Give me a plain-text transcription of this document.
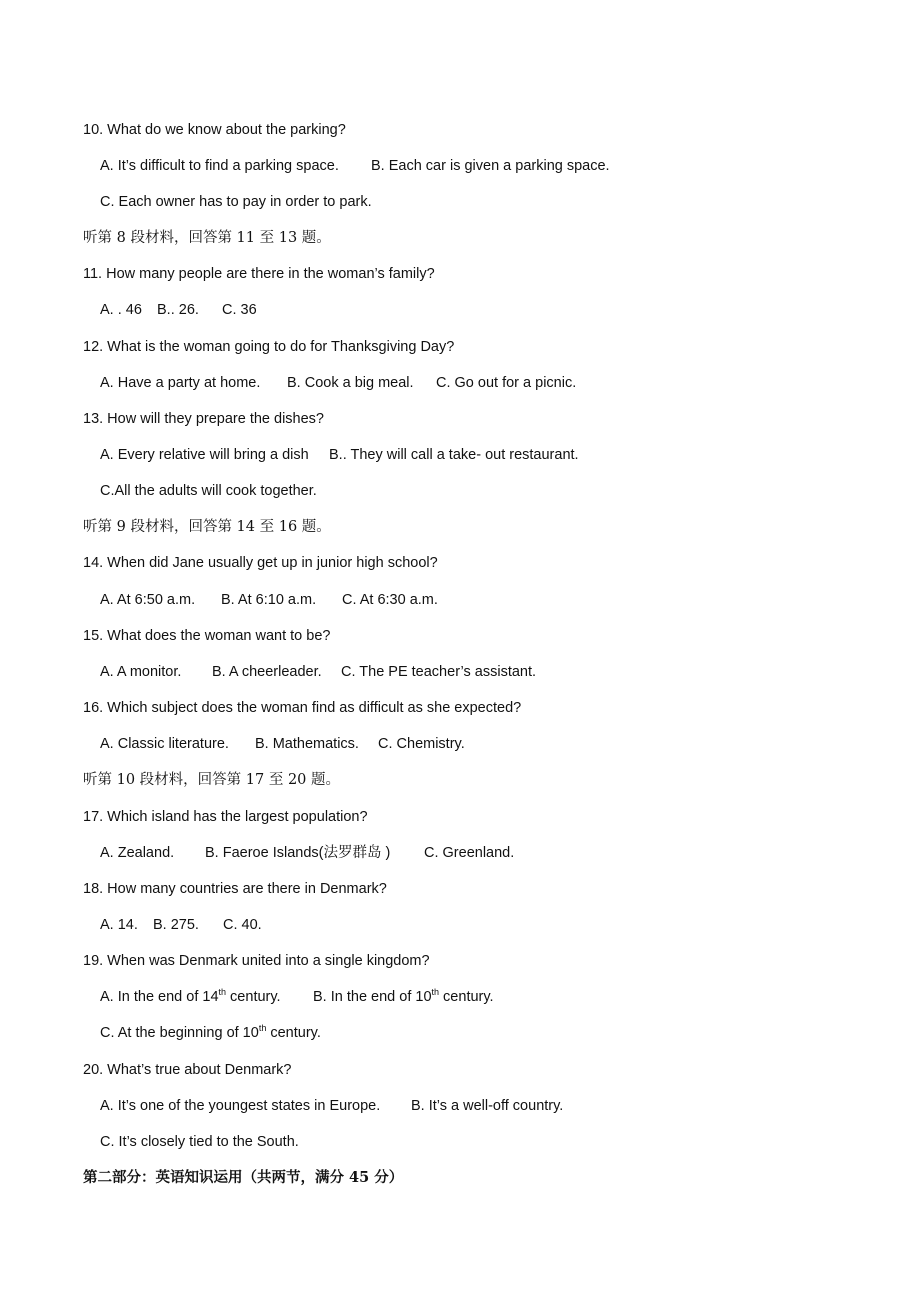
10. What do we know about the parking?
A. It’s difficult to find a parking space. B. Each car is given a parking space.
C. Each owner has to pay in order to park.
听第 8 段材料，回答第 11 至 13 题。
11. How many people are there in the woman’s family?
A. . 46 B.. 26. C. 36
12. What is the woman going to do for Thanksgiving Day?
A. Have a party at home. B. Cook a big meal. C. Go out for a picnic.
13. How will they prepare the dishes?
A. Every relative will bring a dish B.. They will call a take- out restaurant.
C.All the adults will cook together.
听第 9 段材料，回答第 14 至 16 题。
14. When did Jane usually get up in junior high school?
A. At 6:50 a.m. B. At 6:10 a.m. C. At 6:30 a.m.
15. What does the woman want to be?
A. A monitor. B. A cheerleader. C. The PE teacher’s assistant.
16. Which subject does the woman find as difficult as she expected?
A. Classic literature. B. Mathematics. C. Chemistry.
听第 10 段材料，回答第 17 至 20 题。
17. Which island has the largest population?
A. Zealand. B. Faeroe Islands(法罗群岛 ) C. Greenland.
18. How many countries are there in Denmark?
A. 14. B. 275. C. 40.
19. When was Denmark united into a single kingdom?
A. In the end of 14th century. B. In the end of 10th century.
C. At the beginning of 10th century.
20. What’s true about Denmark?
A. It’s one of the youngest states in Europe. B. It’s a well-off country.
C. It’s closely tied to the South.
第二部分：英语知识运用（共两节，满分 45 分）
